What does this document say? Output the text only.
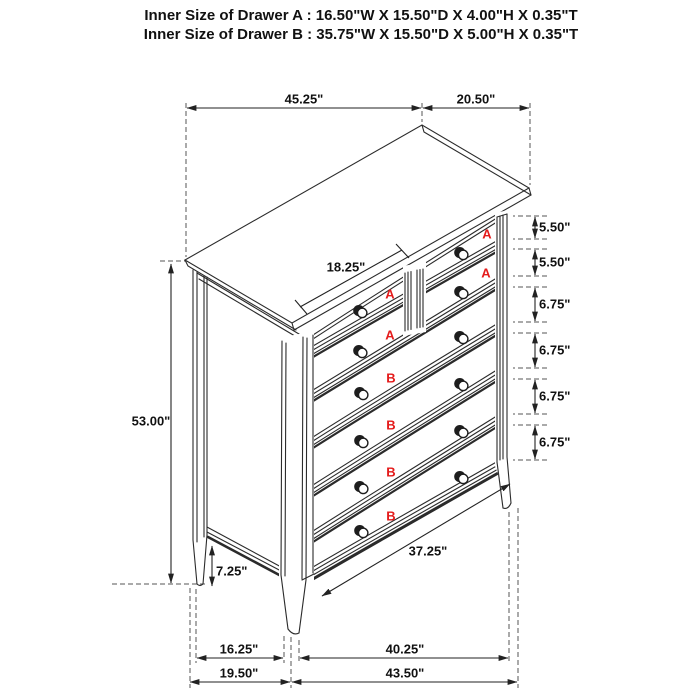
Inner Size of Drawer A : 16.50"W X 15.50"D X 4.00"H X 0.35"T
Inner Size of Drawer B : 35.75"W X 15.50"D X 5.00"H X 0.35"T
45.25"	20.50"
18.25"
5.50"
5.50"
6.75"
6.75"
6.75"
6.75"
53.00"
7.25"
37.25"
16.25"	40.25"
19.50"	43.50"
A
A
A
A
B
B
B
B
